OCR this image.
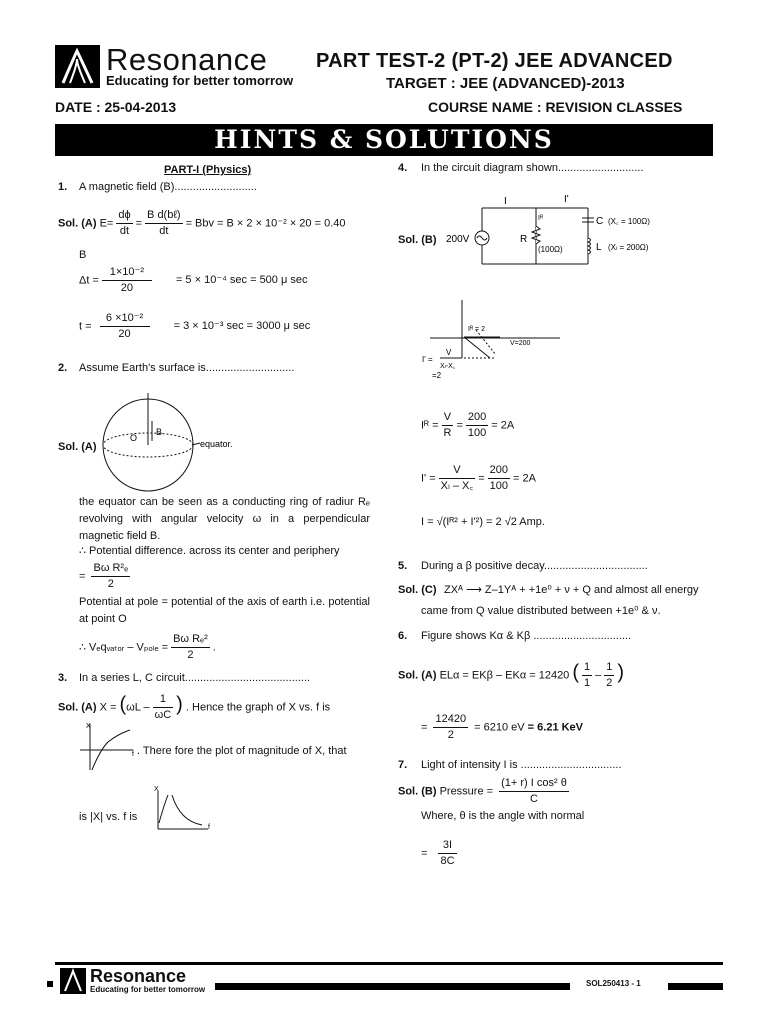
Resonance
Educating for better tomorrow
PART TEST-2 (PT-2) JEE ADVANCED
TARGET : JEE (ADVANCED)-2013
DATE : 25-04-2013	COURSE NAME : REVISION CLASSES
HINTS & SOLUTIONS
PART-I (Physics)
1. A magnetic field (B)...........................
Sol. (A) $E= \frac{d\phi}{dt} = \frac{\text{B d(bℓ)}}{dt}$ = Bbv = B × 2 × 10⁻² × 20 = 0.40
B
$\Delta t = \frac{\text{1×10⁻²}}{20} = 5 \times 10^{-4}$ sec = 500 μ sec
$t = \frac{\text{6 ×10⁻²}}{20} = 3 \times 10^{-3}$ sec = 3000 μ sec
2. Assume Earth's surface is.............................
Sol. (A)
O
B
equator.
the equator can be seen as a conducting ring of radiur Rₑ revolving with angular velocity ω in a perpendicular magnetic field B.
∴ Potential difference. across its center and periphery
= $\frac{\text{Bω R²ₑ}}{2}$
Potential at pole = potential of the axis of earth i.e. potential at point O
∴ Vₑqᵥₐₜₒᵣ – $V_{pole} = \frac{\text{Bω Rₑ²}}{2}$ .
3. In a series L, C circuit.........................................
Sol. (A) $X = (\omega L - \frac{1}{\omega C}$ ) . Hence the graph of X vs. f is
X
f . There fore the plot of magnitude of X, that
is |X| vs. f is
X
f
4. In the circuit diagram shown............................
Sol. (B) 200V
I	I'
Iᴿ
R
(100Ω)
C (X꜀ = 100Ω)
L (Xₗ = 200Ω)
Iᴿ = 2
V=200
I' =
V
Xₗ-X꜀
=2
Iᴿ = $\frac{V}{R} = \frac{200}{100} = 2A$
$I' = \frac{V}{\text{Xₗ – X꜀}} = \frac{200}{100} = 2A$
I = √(Iᴿ² + I'²) = 2 √2 Amp.
5. During a β positive decay..................................
Sol. (C) ZXᴬ ⟶ Z–1Yᴬ + +1e⁰ + ν + Q and almost all energy
came from Q value distributed between +1e⁰ & ν.
6. Figure shows Kα & Kβ ................................
Sol. (A) ELα = EKβ – EKα = 12420 ( $\frac{1}{1} - \frac{1}{2}$ )
= $\frac{12420}{2} = 6210$ eV = 6.21 KeV
7. Light of intensity I is .................................
Sol. (B) Pressure = $\frac{\text{(1+ r) I cos² θ}}{C}$
Where, θ is the angle with normal
= $\frac{3I}{8C}$
Resonance
Educating for better tomorrow
SOL250413 - 1
